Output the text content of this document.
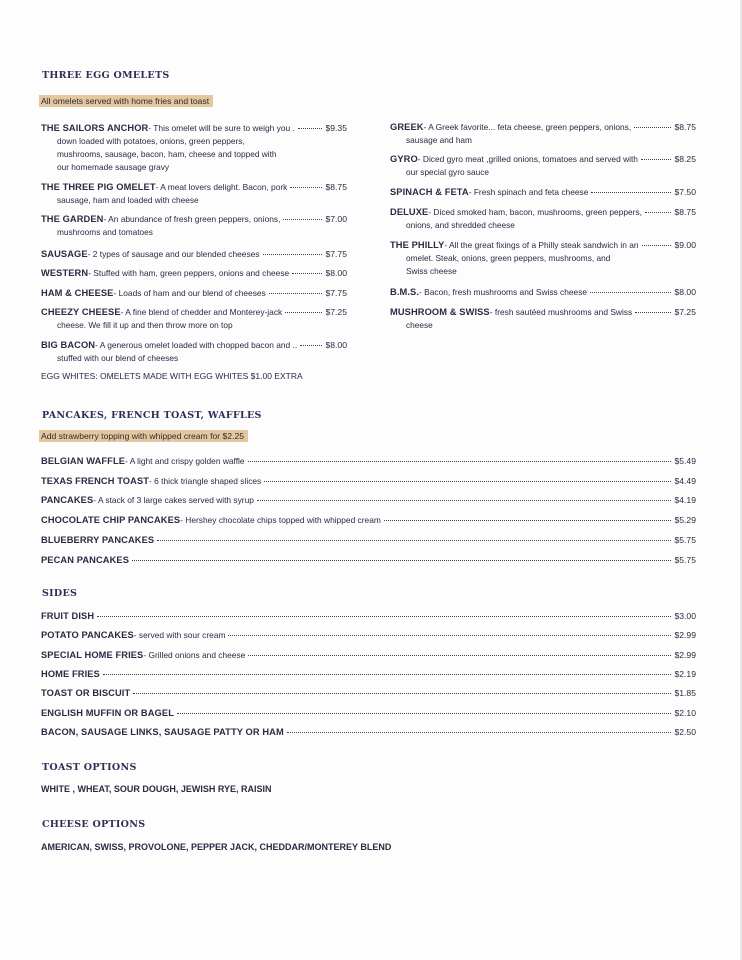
THREE EGG OMELETS
All omelets served with home fries and toast
THE SAILORS ANCHOR - This omelet will be sure to weigh you .	$9.35
down loaded with potatoes, onions, green peppers,
mushrooms, sausage, bacon, ham, cheese and topped with
our homemade sausage gravy
THE THREE PIG OMELET - A meat lovers delight. Bacon, pork	$8.75
sausage, ham and loaded with cheese
THE GARDEN - An abundance of fresh green peppers, onions,	$7.00
mushrooms and tomatoes
SAUSAGE - 2 types of sausage and our blended cheeses	$7.75
WESTERN - Stuffed with ham, green peppers, onions and cheese	$8.00
HAM & CHEESE - Loads of ham and our blend of cheeses	$7.75
CHEEZY CHEESE - A fine blend of chedder and Monterey-jack	$7.25
cheese. We fill it up and then throw more on top
BIG BACON - A generous omelet loaded with chopped bacon and ..	$8.00
stuffed with our blend of cheeses
EGG WHITES: OMELETS MADE WITH EGG WHITES $1.00 EXTRA
GREEK - A Greek favorite... feta cheese, green peppers, onions,	$8.75
sausage and ham
GYRO - Diced gyro meat ,grilled onions, tomatoes and served with	$8.25
our special gyro sauce
SPINACH & FETA - Fresh spinach and feta cheese	$7.50
DELUXE - Diced smoked ham, bacon, mushrooms, green peppers,	$8.75
onions, and shredded cheese
THE PHILLY - All the great fixings of a Philly steak sandwich in an	$9.00
omelet. Steak, onions, green peppers, mushrooms, and
Swiss cheese
B.M.S. - Bacon, fresh mushrooms and Swiss cheese	$8.00
MUSHROOM & SWISS - fresh sautéed mushrooms and Swiss	$7.25
cheese
PANCAKES, FRENCH TOAST, WAFFLES
Add strawberry topping with whipped cream for $2.25
BELGIAN WAFFLE - A light and crispy golden waffle	$5.49
TEXAS FRENCH TOAST - 6 thick triangle shaped slices	$4.49
PANCAKES - A stack of 3 large cakes served with syrup	$4.19
CHOCOLATE CHIP PANCAKES - Hershey chocolate chips topped with whipped cream	$5.29
BLUEBERRY PANCAKES	$5.75
PECAN PANCAKES	$5.75
SIDES
FRUIT DISH	$3.00
POTATO PANCAKES - served with sour cream	$2.99
SPECIAL HOME FRIES - Grilled onions and cheese	$2.99
HOME FRIES	$2.19
TOAST OR BISCUIT	$1.85
ENGLISH MUFFIN OR BAGEL	$2.10
BACON, SAUSAGE LINKS, SAUSAGE PATTY OR HAM	$2.50
TOAST OPTIONS
WHITE , WHEAT, SOUR DOUGH, JEWISH RYE, RAISIN
CHEESE OPTIONS
AMERICAN, SWISS, PROVOLONE, PEPPER JACK, CHEDDAR/MONTEREY BLEND
